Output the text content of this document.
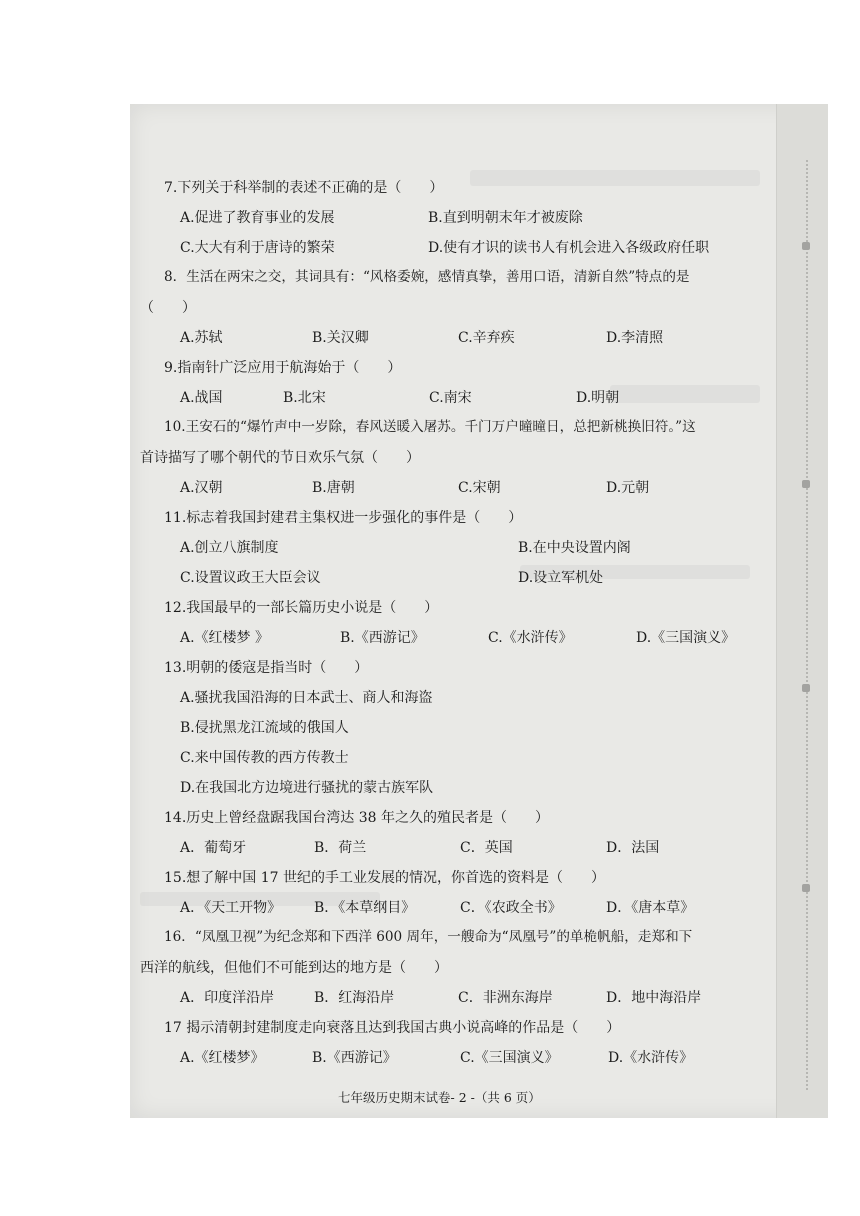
7.下列关于科举制的表述不正确的是（　　）
A.促进了教育事业的发展	B.直到明朝末年才被废除
C.大大有利于唐诗的繁荣	D.使有才识的读书人有机会进入各级政府任职
8．生活在两宋之交，其词具有：“风格委婉，感情真挚，善用口语，清新自然”特点的是
（　　）
A.苏轼	B.关汉卿	C.辛弃疾	D.李清照
9.指南针广泛应用于航海始于（　　）
A.战国	B.北宋	C.南宋	D.明朝
10.王安石的“爆竹声中一岁除，春风送暖入屠苏。千门万户曈曈日，总把新桃换旧符。”这
首诗描写了哪个朝代的节日欢乐气氛（　　）
A.汉朝	B.唐朝	C.宋朝	D.元朝
11.标志着我国封建君主集权进一步强化的事件是（　　）
A.创立八旗制度	B.在中央设置内阁
C.设置议政王大臣会议	D.设立军机处
12.我国最早的一部长篇历史小说是（　　）
A.《红楼梦 》	B.《西游记》	C.《水浒传》	D.《三国演义》
13.明朝的倭寇是指当时（　　）
A.骚扰我国沿海的日本武士、商人和海盗
B.侵扰黑龙江流域的俄国人
C.来中国传教的西方传教士
D.在我国北方边境进行骚扰的蒙古族军队
14.历史上曾经盘踞我国台湾达 38 年之久的殖民者是（　　）
A．葡萄牙	B．荷兰	C．英国	D．法国
15.想了解中国 17 世纪的手工业发展的情况，你首选的资料是（　　）
A．《天工开物》 B．《本草纲目》	C．《农政全书》	D．《唐本草》
16．“凤凰卫视”为纪念郑和下西洋 600 周年，一艘命为“凤凰号”的单桅帆船，走郑和下
西洋的航线，但他们不可能到达的地方是（　　）
A．印度洋沿岸	B．红海沿岸	C．非洲东海岸	D．地中海沿岸
17 揭示清朝封建制度走向衰落且达到我国古典小说高峰的作品是（　　）
A.《红楼梦》	B.《西游记》	C.《三国演义》	D.《水浒传》
七年级历史期末试卷- 2 -（共 6 页）
